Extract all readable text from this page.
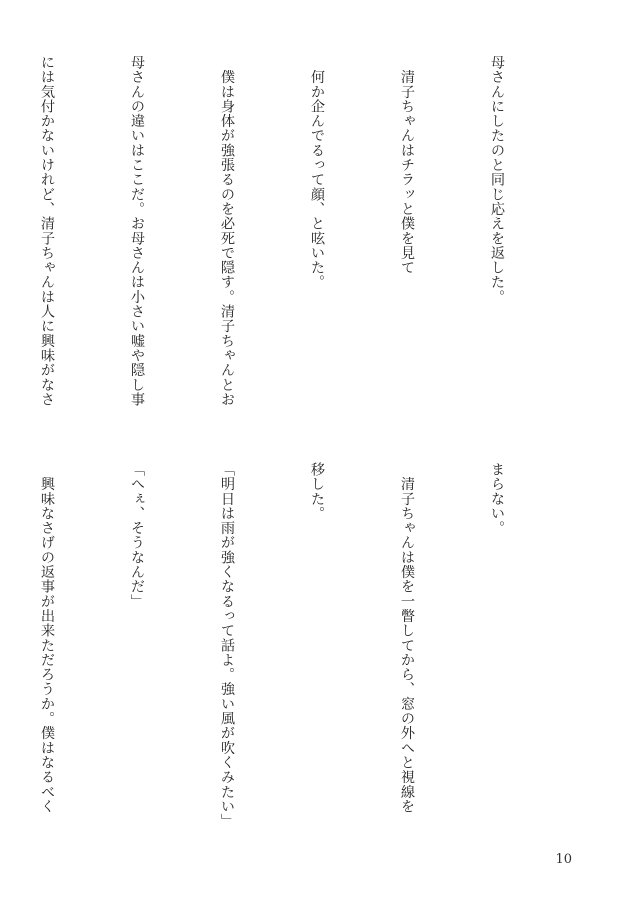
母さんにしたのと同じ応えを返した。

　清子ちゃんはチラッと僕を見て

　何か企んでるって顔、と呟いた。

　僕は身体が強張るのを必死で隠す。清子ちゃんとお

母さんの違いはここだ。お母さんは小さい嘘や隠し事

には気付かないけれど、清子ちゃんは人に興味がなさ

まらない。

　清子ちゃんは僕を一瞥してから、窓の外へと視線を

移した。

「明日は雨が強くなるって話よ。強い風が吹くみたい」

「へぇ、そうなんだ」

　興味なさげの返事が出来ただろうか。僕はなるべく

10
